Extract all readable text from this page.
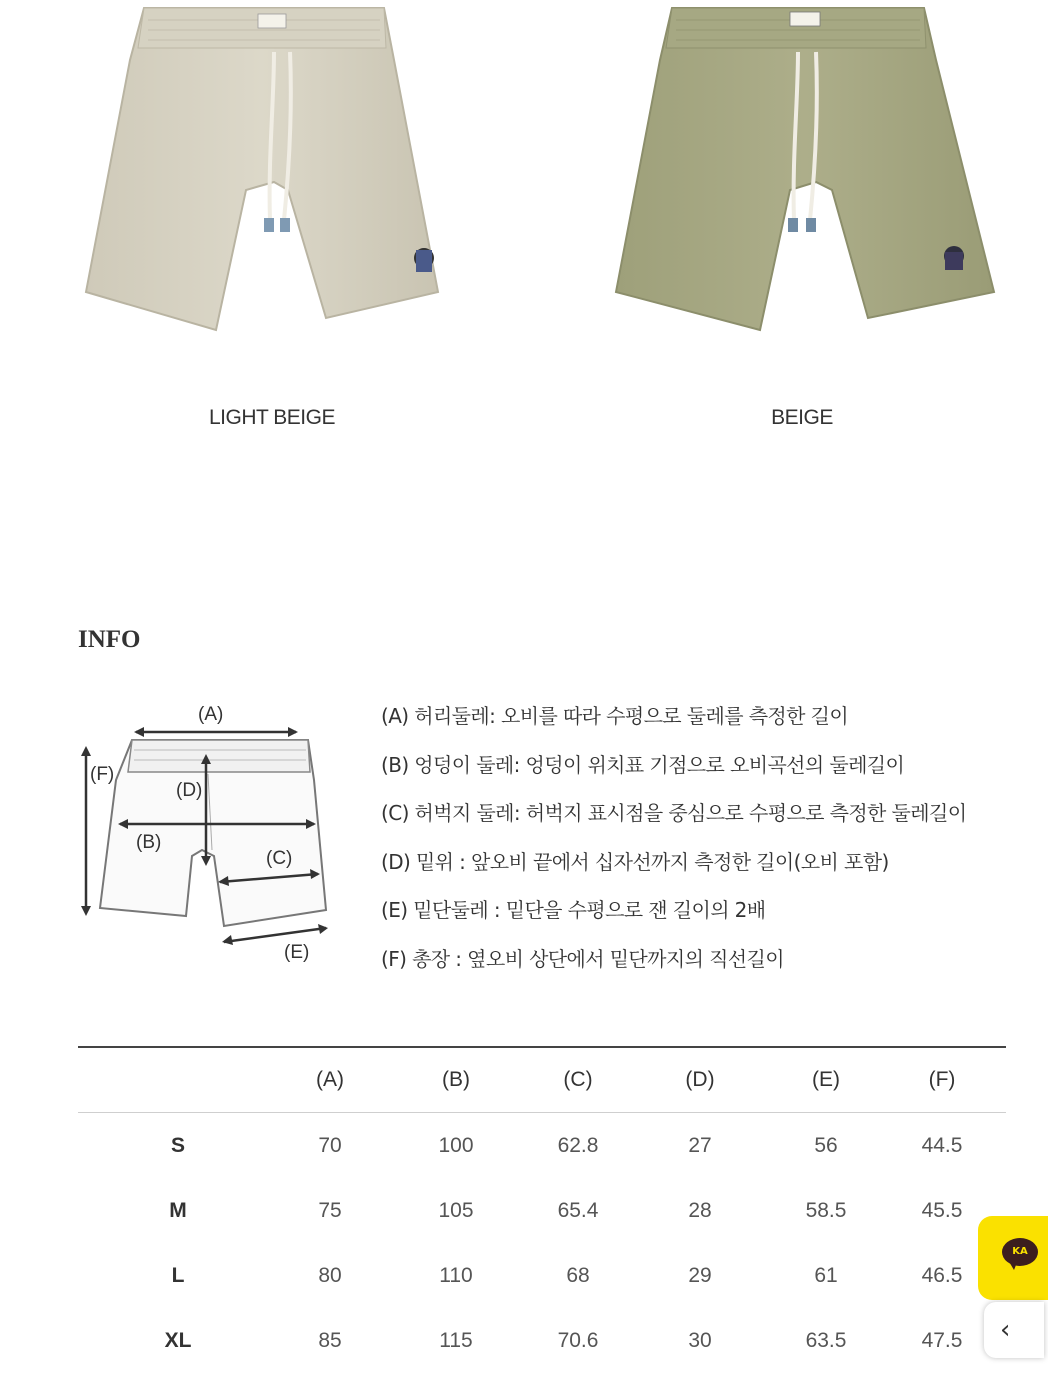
LIGHT BEIGE	BEIGE
INFO
(A)
(F)
(D)
(B)
(C)
(E)
(A) 허리둘레: 오비를 따라 수평으로 둘레를 측정한 길이
(B) 엉덩이 둘레: 엉덩이 위치표 기점으로 오비곡선의 둘레길이
(C) 허벅지 둘레: 허벅지 표시점을 중심으로 수평으로 측정한 둘레길이
(D) 밑위 : 앞오비 끝에서 십자선까지 측정한 길이(오비 포함)
(E) 밑단둘레 : 밑단을 수평으로 잰 길이의 2배
(F) 총장 : 옆오비 상단에서 밑단까지의 직선길이
	(A)	(B)	(C)	(D)	(E)	(F)
S	70	100	62.8	27	56	44.5
M	75	105	65.4	28	58.5	45.5
L	80	110	68	29	61	46.5
XL	85	115	70.6	30	63.5	47.5
KA
‹
